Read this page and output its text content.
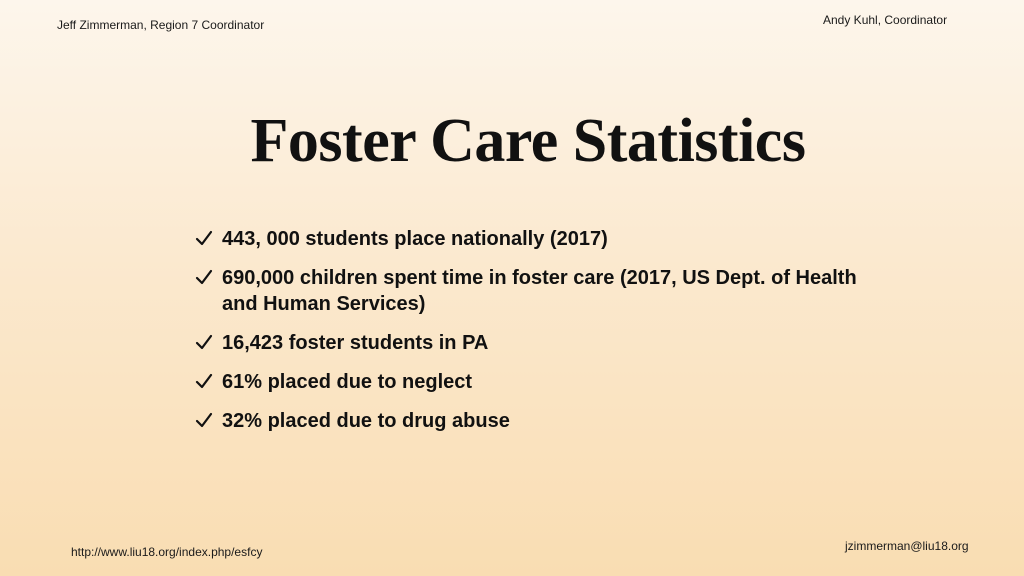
Jeff Zimmerman, Region 7 Coordinator	Andy Kuhl, Coordinator
Foster Care Statistics
443, 000 students place nationally (2017)
690,000 children spent time in foster care (2017, US Dept. of Health and Human Services)
16,423 foster students in PA
61% placed due to neglect
32% placed due to drug abuse
http://www.liu18.org/index.php/esfcy	jzimmerman@liu18.org
